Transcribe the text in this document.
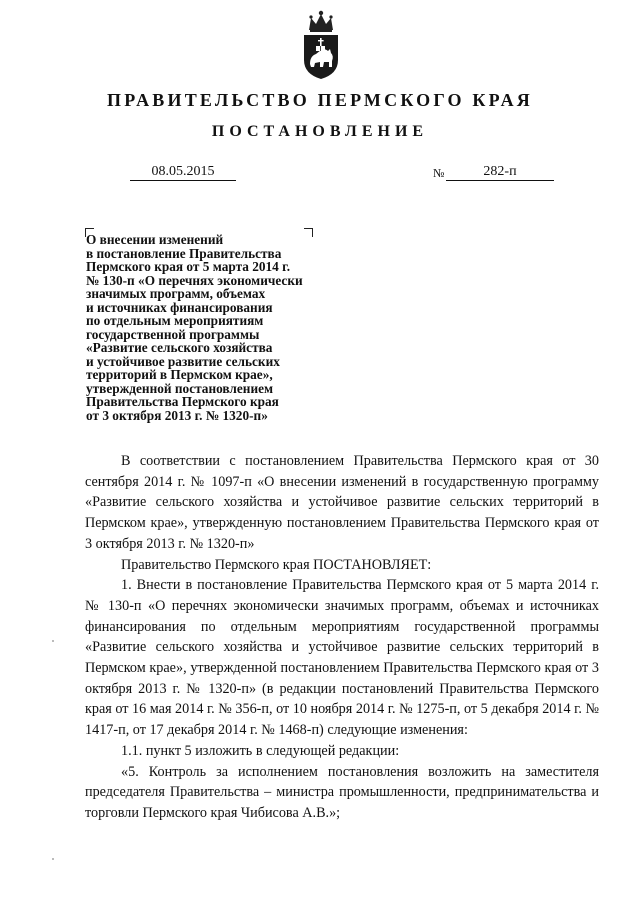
ПРАВИТЕЛЬСТВО ПЕРМСКОГО КРАЯ
ПОСТАНОВЛЕНИЕ
08.05.2015	№	282-п
О внесении изменений
в постановление Правительства
Пермского края от 5 марта 2014 г.
№ 130-п «О перечнях экономически
значимых программ, объемах
и источниках финансирования
по отдельным мероприятиям
государственной программы
«Развитие сельского хозяйства
и устойчивое развитие сельских
территорий в Пермском крае»,
утвержденной постановлением
Правительства Пермского края
от 3 октября 2013 г. № 1320-п»

В соответствии с постановлением Правительства Пермского края от 30 сентября 2014 г. № 1097-п «О внесении изменений в государственную программу «Развитие сельского хозяйства и устойчивое развитие сельских территорий в Пермском крае», утвержденную постановлением Правительства Пермского края от 3 октября 2013 г. № 1320-п»

Правительство Пермского края ПОСТАНОВЛЯЕТ:

1. Внести в постановление Правительства Пермского края от 5 марта 2014 г. № 130-п «О перечнях экономически значимых программ, объемах и источниках финансирования по отдельным мероприятиям государственной программы «Развитие сельского хозяйства и устойчивое развитие сельских территорий в Пермском крае», утвержденной постановлением Правительства Пермского края от 3 октября 2013 г. № 1320-п» (в редакции постановлений Правительства Пермского края от 16 мая 2014 г. № 356-п, от 10 ноября 2014 г. № 1275-п, от 5 декабря 2014 г. № 1417-п, от 17 декабря 2014 г. № 1468-п) следующие изменения:

1.1. пункт 5 изложить в следующей редакции:

«5. Контроль за исполнением постановления возложить на заместителя председателя Правительства – министра промышленности, предпринимательства и торговли Пермского края Чибисова А.В.»;
